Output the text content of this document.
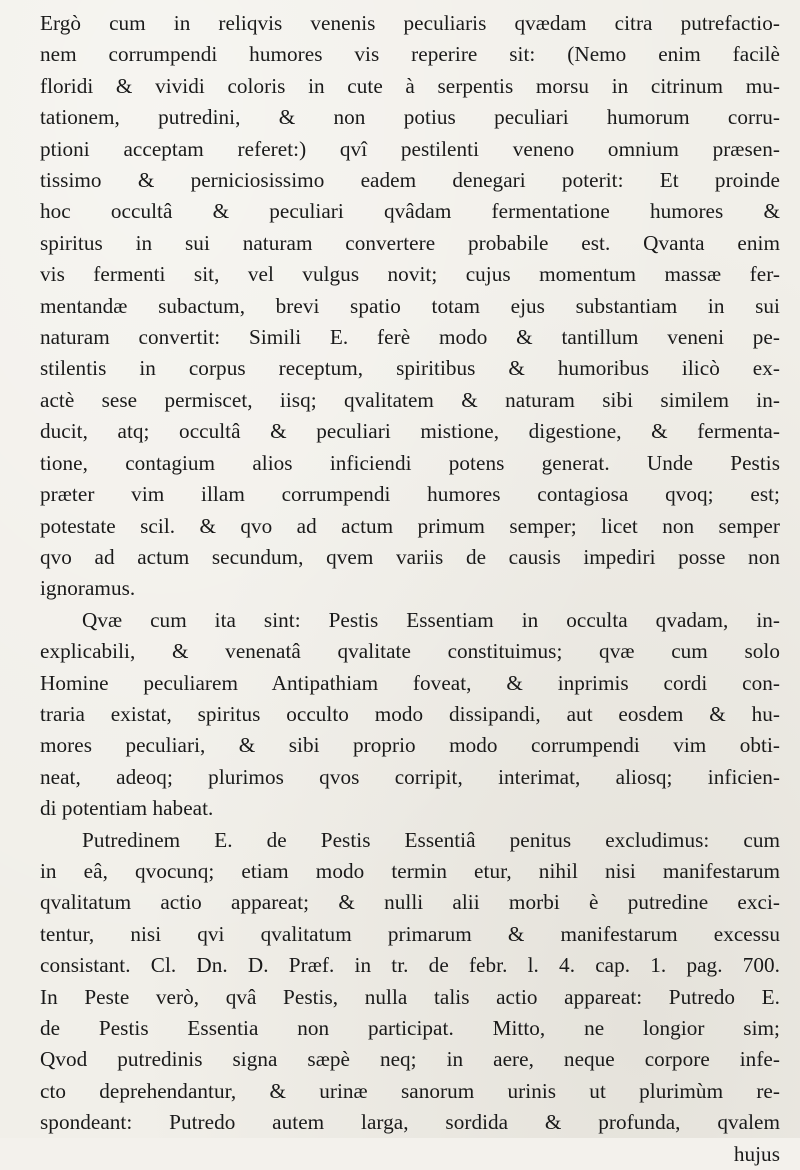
Ergò cum in reliqvis venenis peculiaris qvædam citra putrefactio-
nem corrumpendi humores vis reperire sit: (Nemo enim facilè
floridi & vividi coloris in cute à serpentis morsu in citrinum mu-
tationem, putredini, & non potius peculiari humorum corru-
ptioni acceptam referet:) qvî pestilenti veneno omnium præsen-
tissimo & perniciosissimo eadem denegari poterit: Et proinde
hoc occultâ & peculiari qvâdam fermentatione humores &
spiritus in sui naturam convertere probabile est. Qvanta enim
vis fermenti sit, vel vulgus novit; cujus momentum massæ fer-
mentandæ subactum, brevi spatio totam ejus substantiam in sui
naturam convertit: Simili E. ferè modo & tantillum veneni pe-
stilentis in corpus receptum, spiritibus & humoribus ilicò ex-
actè sese permiscet, iisq; qvalitatem & naturam sibi similem in-
ducit, atq; occultâ & peculiari mistione, digestione, & fermenta-
tione, contagium alios inficiendi potens generat. Unde Pestis
præter vim illam corrumpendi humores contagiosa qvoq; est;
potestate scil. & qvo ad actum primum semper; licet non semper
qvo ad actum secundum, qvem variis de causis impediri posse non
ignoramus.
Qvæ cum ita sint: Pestis Essentiam in occulta qvadam, in-
explicabili, & venenatâ qvalitate constituimus; qvæ cum solo
Homine peculiarem Antipathiam foveat, & inprimis cordi con-
traria existat, spiritus occulto modo dissipandi, aut eosdem & hu-
mores peculiari, & sibi proprio modo corrumpendi vim obti-
neat, adeoq; plurimos qvos corripit, interimat, aliosq; inficien-
di potentiam habeat.
Putredinem E. de Pestis Essentiâ penitus excludimus: cum
in eâ, qvocunq; etiam modo termin etur, nihil nisi manifestarum
qvalitatum actio appareat; & nulli alii morbi è putredine exci-
tentur, nisi qvi qvalitatum primarum & manifestarum excessu
consistant. Cl. Dn. D. Præf. in tr. de febr. l. 4. cap. 1. pag. 700.
In Peste verò, qvâ Pestis, nulla talis actio appareat: Putredo E.
de Pestis Essentia non participat. Mitto, ne longior sim;
Qvod putredinis signa sæpè neq; in aere, neque corpore infe-
cto deprehendantur, & urinæ sanorum urinis ut plurimùm re-
spondeant: Putredo autem larga, sordida & profunda, qvalem
hujus
